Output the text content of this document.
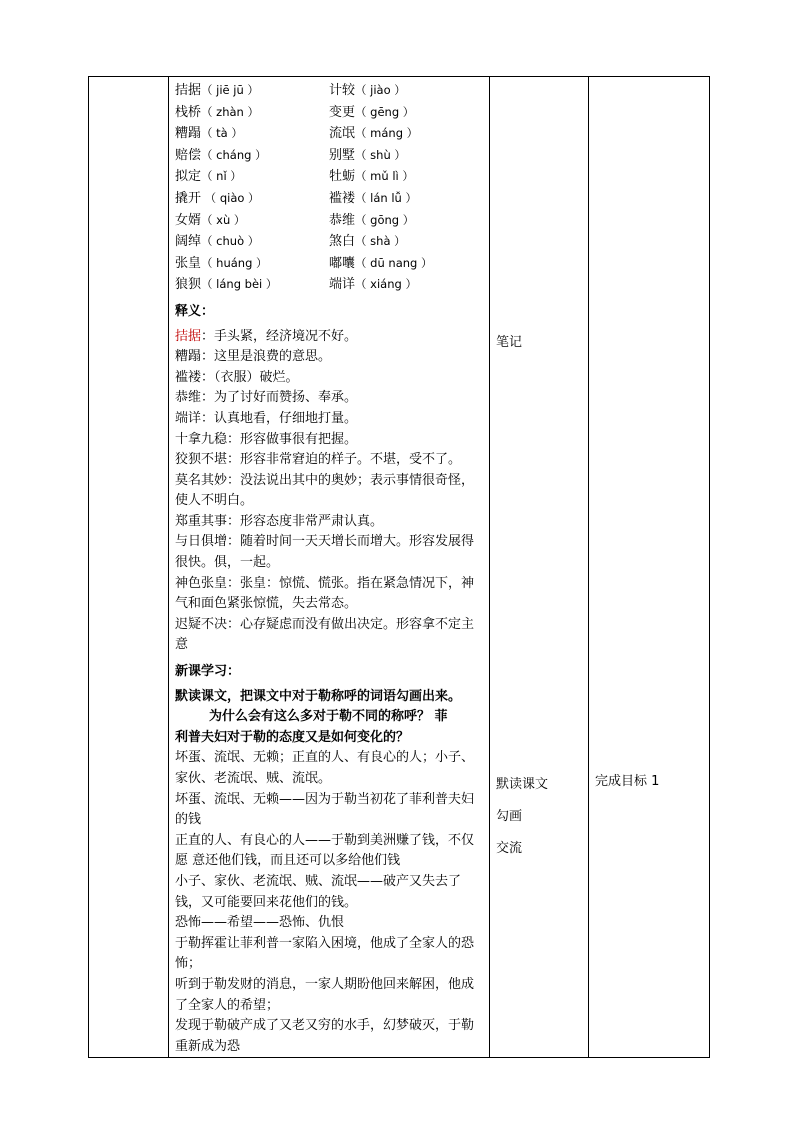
拮据（ jiē jū ）	计较（ jiào ）
栈桥（ zhàn ）	变更（ gēng ）
糟蹋（ tà ）	流氓（ máng ）
赔偿（ cháng ）	别墅（ shù ）
拟定（ nǐ ）	牡蛎（ mǔ lì ）
撬开 （ qiào ）	褴褛（ lán lǚ ）
女婿（ xù ）	恭维（ gōng ）
阔绰（ chuò ）	煞白（ shà ）
张皇（ huáng ）	嘟囔（ dū nang ）
狼狈（ láng bèi ）	端详（ xiáng ）
释义：
拮据：手头紧，经济境况不好。
糟蹋：这里是浪费的意思。
褴褛：（衣服）破烂。
恭维：为了讨好而赞扬、奉承。
端详：认真地看，仔细地打量。
十拿九稳：形容做事很有把握。
狡狈不堪：形容非常窘迫的样子。不堪，受不了。
莫名其妙：没法说出其中的奥妙；表示事情很奇怪，使人不明白。
郑重其事：形容态度非常严肃认真。
与日俱增：随着时间一天天增长而增大。形容发展得很快。俱，一起。
神色张皇：张皇：惊慌、慌张。指在紧急情况下，神气和面色紧张惊慌，失去常态。
迟疑不决：心存疑虑而没有做出决定。形容拿不定主意
新课学习：
默读课文，把课文中对于勒称呼的词语勾画出来。
为什么会有这么多对于勒不同的称呼？ 菲
利普夫妇对于勒的态度又是如何变化的？
坏蛋、流氓、无赖；正直的人、有良心的人；小子、家伙、老流氓、贼、流氓。
坏蛋、流氓、无赖——因为于勒当初花了菲利普夫妇的钱
正直的人、有良心的人——于勒到美洲赚了钱，不仅愿 意还他们钱，而且还可以多给他们钱
小子、家伙、老流氓、贼、流氓——破产又失去了钱，又可能要回来花他们的钱。
恐怖——希望——恐怖、仇恨
于勒挥霍让菲利普一家陷入困境，他成了全家人的恐怖；
听到于勒发财的消息，一家人期盼他回来解困，他成了全家人的希望；
发现于勒破产成了又老又穷的水手，幻梦破灭，于勒重新成为恐

笔记
默读课文
勾画
交流

完成目标 1
